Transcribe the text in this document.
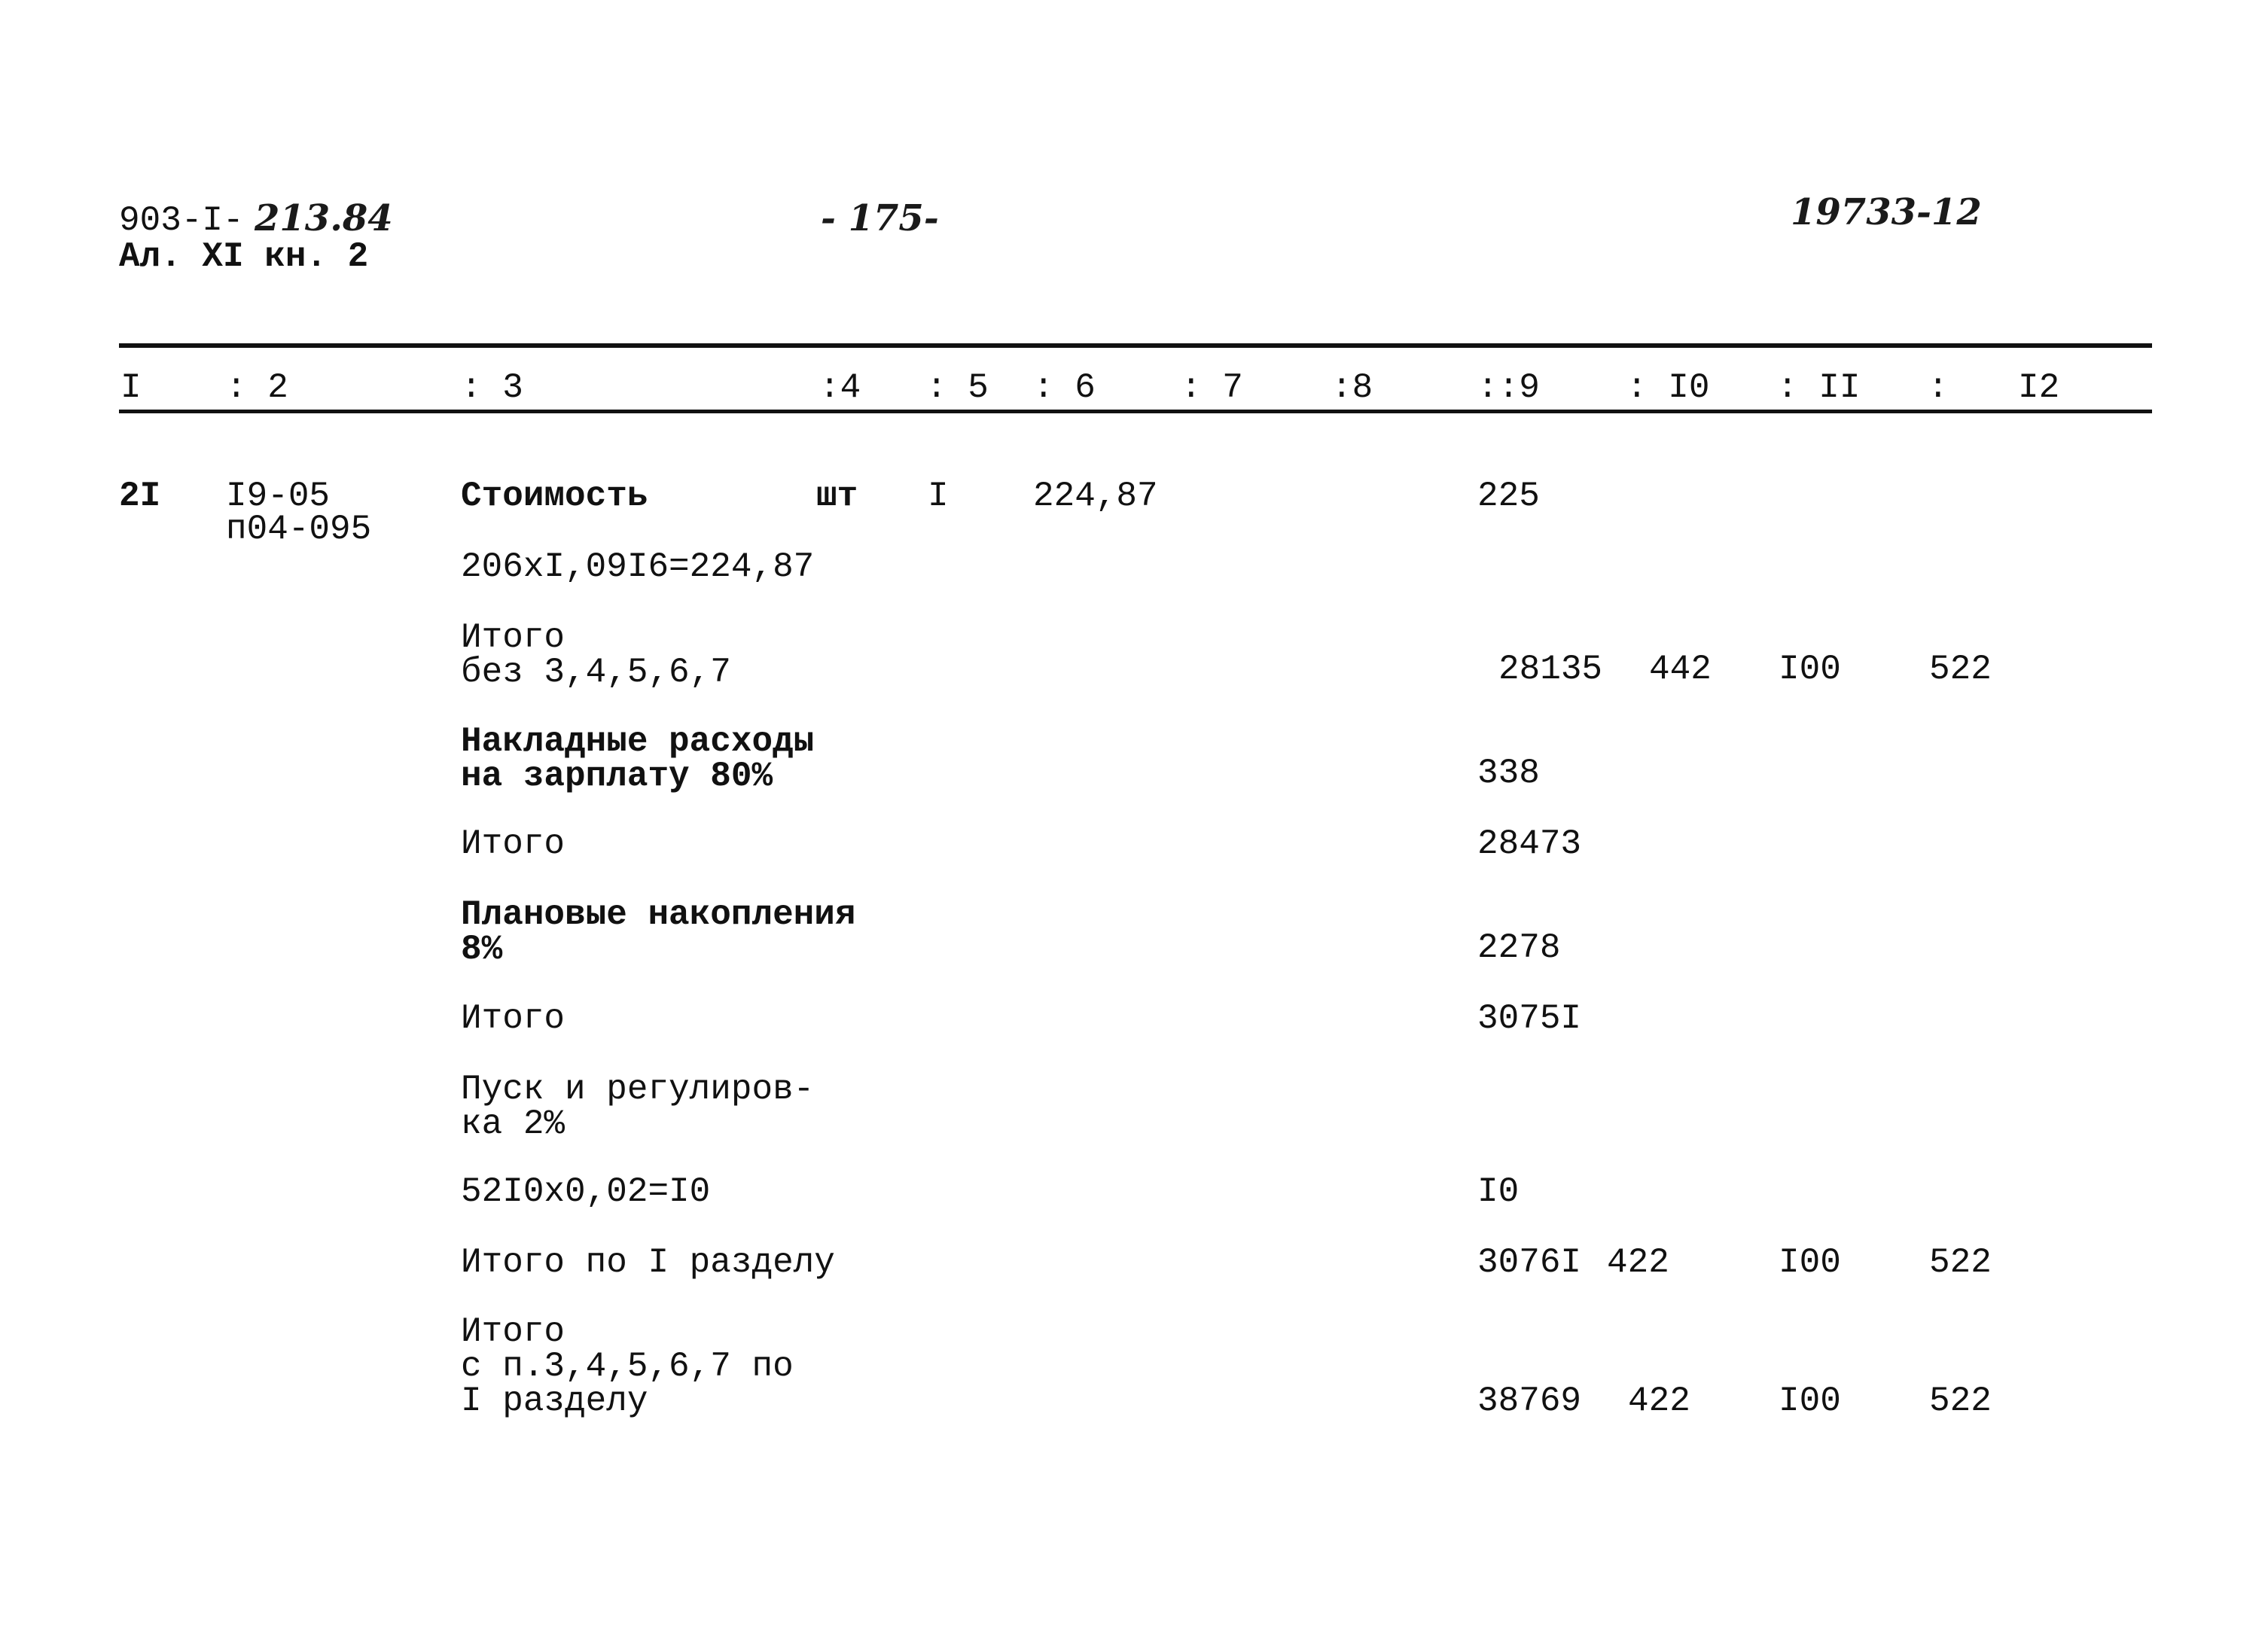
903-I- 213.84
Ал. XI кн. 2
- 175-	19733-12
I : 2	: 3	:4 : 5 : 6 : 7	:8	::9	: I0 : II : I2
2I I9-05
п04-095
Стоимость	шт I 224,87	225
206хI,09I6=224,87
Итого
без 3,4,5,6,7	28135 442 I00	522
Накладные расходы
на зарплату 80%	338
Итого	28473
Плановые накопления
8%	2278
Итого	3075I
Пуск и регулиров-
ка 2%
52I0х0,02=I0	I0
Итого по I разделу	3076I 422	I00	522
Итого
с п.3,4,5,6,7 по
I разделу	38769 422	I00	522
